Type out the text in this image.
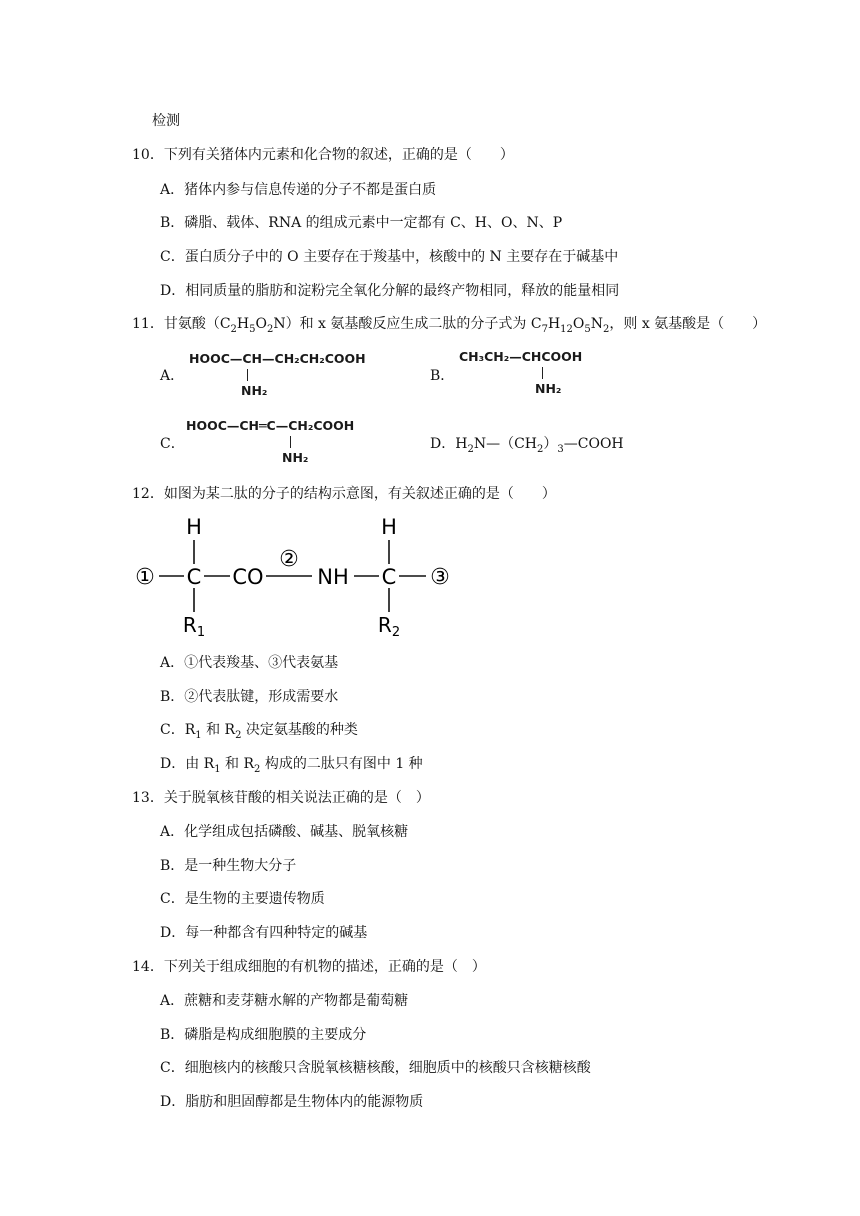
检测
10．下列有关猪体内元素和化合物的叙述，正确的是（　　）
A．猪体内参与信息传递的分子不都是蛋白质
B．磷脂、载体、RNA 的组成元素中一定都有 C、H、O、N、P
C．蛋白质分子中的 O 主要存在于羧基中，核酸中的 N 主要存在于碱基中
D．相同质量的脂肪和淀粉完全氧化分解的最终产物相同，释放的能量相同
11．甘氨酸$(C_2H_5O_2N)$和 x 氨基酸反应生成二肽的分子式为 $C_7H_{12}O_5N_2$，则 x 氨基酸是（　　）
A．
HOOC—CH—CH₂CH₂COOH
NH₂
B．
CH₃CH₂—CHCOOH
NH₂
C．
HOOC—CH═C—CH₂COOH
NH₂
D．$H_2N—(CH_2)_3—COOH$
12．如图为某二肽的分子的结构示意图，有关叙述正确的是（　　）
H
① C CO
②
NH C
H
③
$R_1$	$R_2$
A．①代表羧基、③代表氨基
B．②代表肽键，形成需要水
C．$R_1$ 和 $R_2$ 决定氨基酸的种类
D．由 $R_1$ 和 $R_2$ 构成的二肽只有图中 1 种
13．关于脱氧核苷酸的相关说法正确的是（　）
A．化学组成包括磷酸、碱基、脱氧核糖
B．是一种生物大分子
C．是生物的主要遗传物质
D．每一种都含有四种特定的碱基
14．下列关于组成细胞的有机物的描述，正确的是（　）
A．蔗糖和麦芽糖水解的产物都是葡萄糖
B．磷脂是构成细胞膜的主要成分
C．细胞核内的核酸只含脱氧核糖核酸，细胞质中的核酸只含核糖核酸
D．脂肪和胆固醇都是生物体内的能源物质
